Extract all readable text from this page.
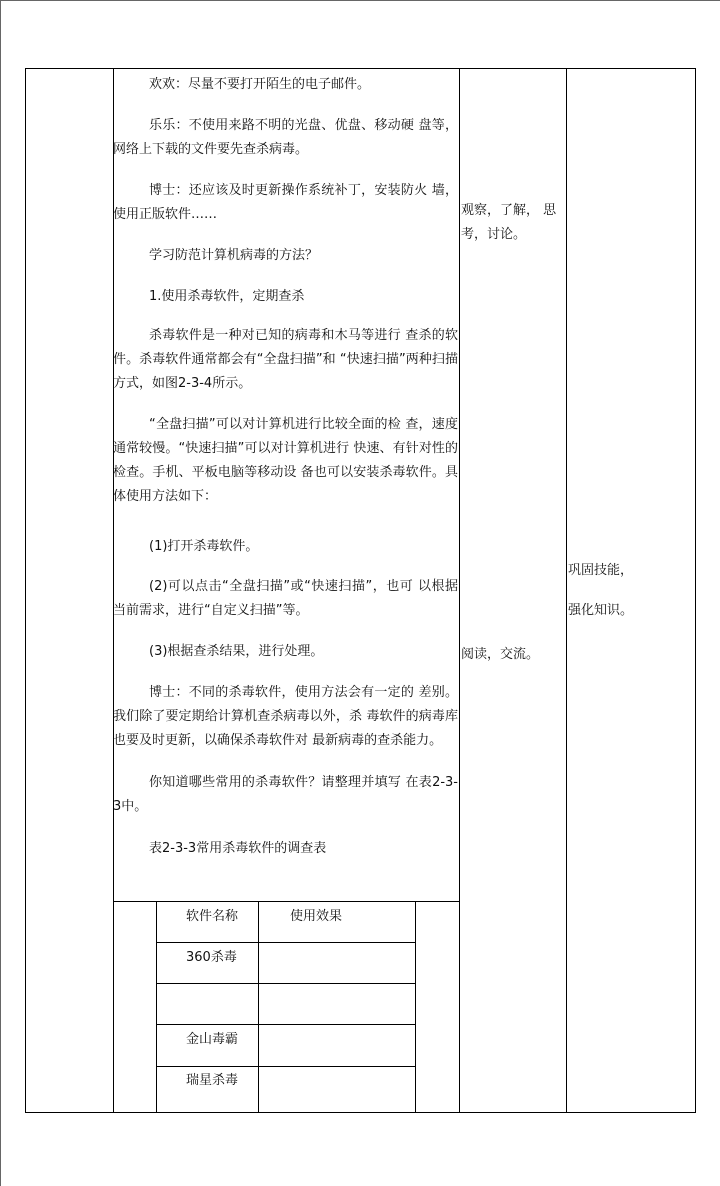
欢欢：尽量不要打开陌生的电子邮件。
乐乐：不使用来路不明的光盘、优盘、移动硬 盘等，网络上下载的文件要先查杀病毒。
博士：还应该及时更新操作系统补丁，安装防火 墙，使用正版软件……
学习防范计算机病毒的方法？
1.使用杀毒软件，定期查杀
杀毒软件是一种对已知的病毒和木马等进行 查杀的软件。杀毒软件通常都会有“全盘扫描”和 “快速扫描”两种扫描方式，如图2-3-4所示。
“全盘扫描”可以对计算机进行比较全面的检 查，速度通常较慢。“快速扫描”可以对计算机进行 快速、有针对性的检查。手机、平板电脑等移动设 备也可以安装杀毒软件。具体使用方法如下：
(1)打开杀毒软件。
(2)可以点击“全盘扫描”或“快速扫描”，也可 以根据当前需求，进行“自定义扫描”等。
(3)根据查杀结果，进行处理。
博士：不同的杀毒软件，使用方法会有一定的 差别。我们除了要定期给计算机查杀病毒以外，杀 毒软件的病毒库也要及时更新，以确保杀毒软件对 最新病毒的查杀能力。
你知道哪些常用的杀毒软件？请整理并填写 在表2-3-3中。
表2-3-3常用杀毒软件的调查表
观察，了解， 思考，讨论。
阅读，交流。
巩固技能，
强化知识。
软件名称	使用效果
360杀毒
金山毒霸
瑞星杀毒
